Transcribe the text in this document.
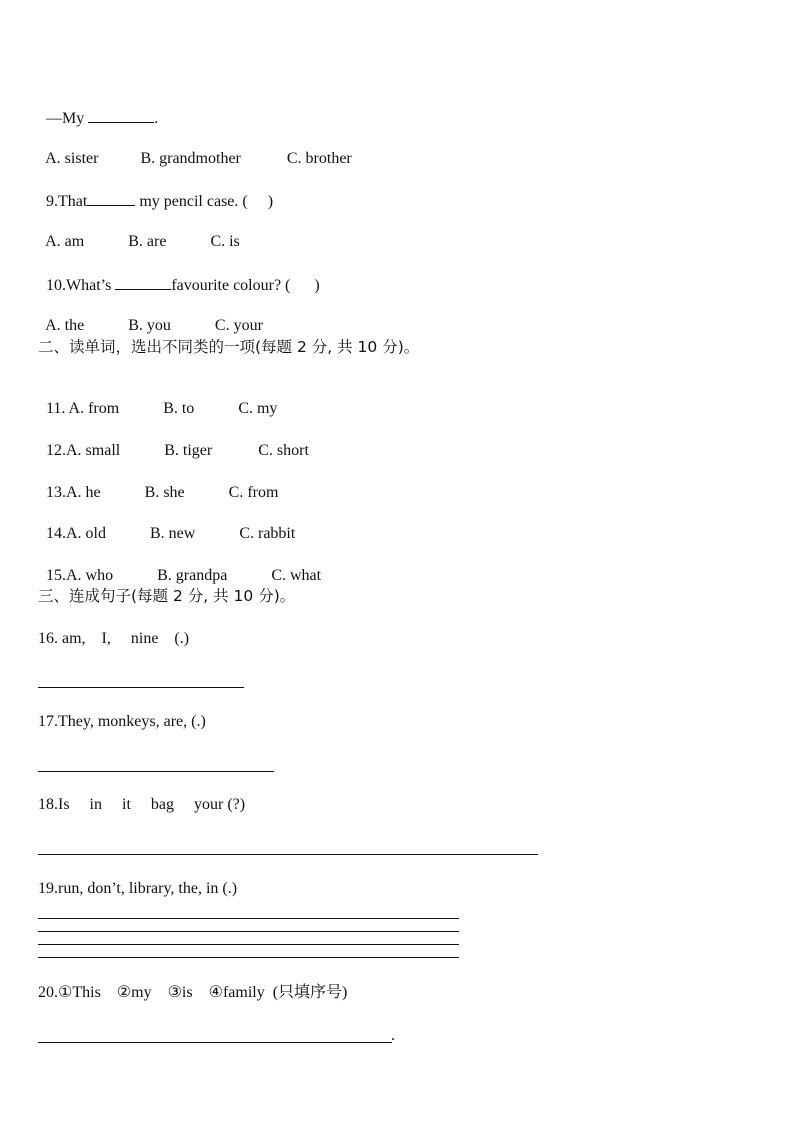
—My	.

A. sister	B. grandmother	C. brother

9.That	my pencil case. (     )

A. am	B. are	C. is

10.What’s	favourite colour? (      )

A. the	B. you	C. your

二、读单词，选出不同类的一项(每题 2 分, 共 10 分)。

11. A. from	B. to	C. my

12.A. small	B. tiger	C. short

13.A. he	B. she	C. from

14.A. old	B. new	C. rabbit

15.A. who	B. grandpa	C. what

三、连成句子(每题 2 分, 共 10 分)。
16. am,    I,     nine    (.)
17.They, monkeys, are, (.)
18.Is     in     it     bag     your (?)
19.run, don’t, library, the, in (.)
20.①This    ②my    ③is    ④family  (只填序号)
.
